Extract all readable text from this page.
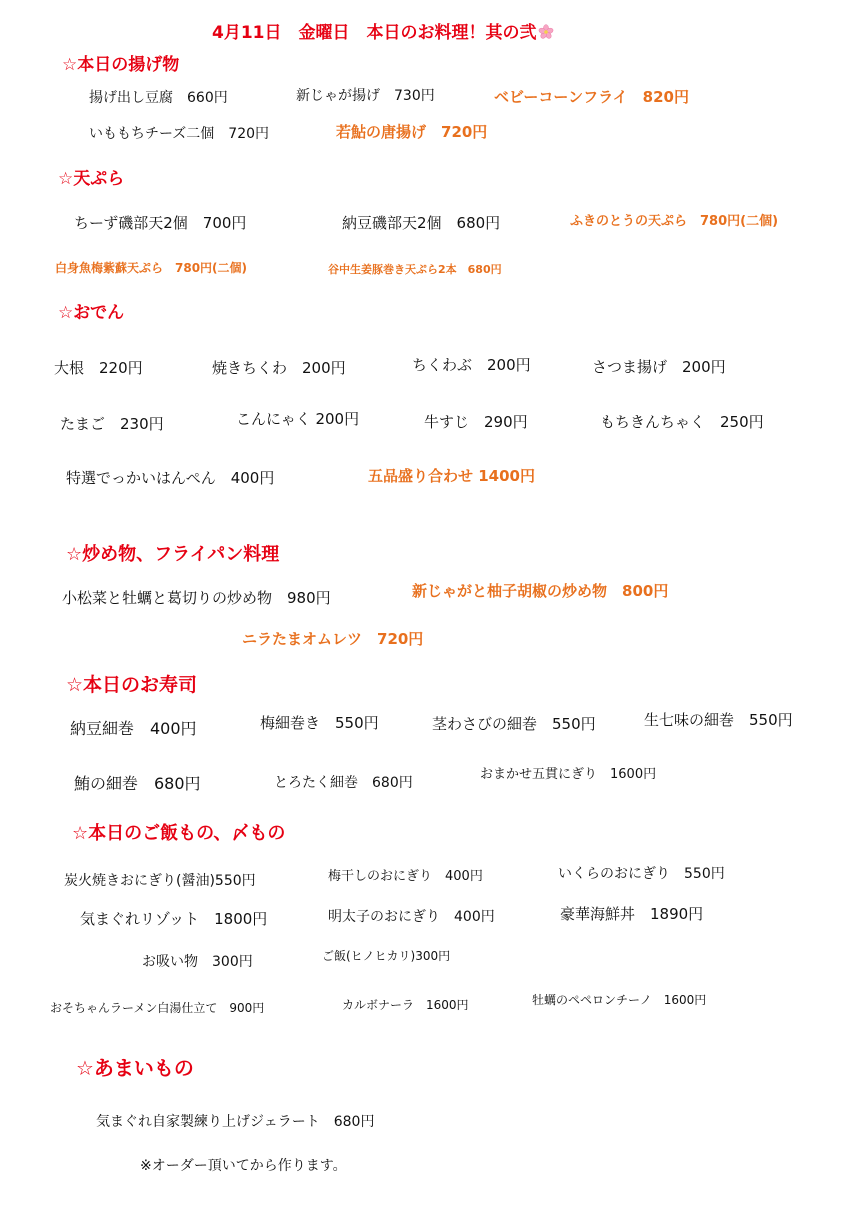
4月11日　金曜日　本日のお料理！其の弐
☆本日の揚げ物
揚げ出し豆腐　660円	新じゃが揚げ　730円	ベビーコーンフライ　820円
いももちチーズ二個　720円	若鮎の唐揚げ　720円
☆天ぷら
ちーず磯部天2個　700円	納豆磯部天2個　680円	ふきのとうの天ぷら　780円(二個)
白身魚梅紫蘇天ぷら　780円(二個)	谷中生姜豚巻き天ぷら2本　680円
☆おでん
大根　220円	焼きちくわ　200円	ちくわぶ　200円	さつま揚げ　200円
たまご　230円	こんにゃく 200円	牛すじ　290円	もちきんちゃく　250円
特選でっかいはんぺん　400円	五品盛り合わせ 1400円
☆炒め物、フライパン料理
小松菜と牡蠣と葛切りの炒め物　980円	新じゃがと柚子胡椒の炒め物　800円
ニラたまオムレツ　720円
☆本日のお寿司
納豆細巻　400円	梅細巻き　550円	茎わさびの細巻　550円	生七味の細巻　550円
鮪の細巻　680円	とろたく細巻　680円
おまかせ五貫にぎり　1600円
☆本日のご飯もの、〆もの
炭火焼きおにぎり(醤油)550円	梅干しのおにぎり　400円	いくらのおにぎり　550円
気まぐれリゾット　1800円	明太子のおにぎり　400円	豪華海鮮丼　1890円
お吸い物　300円	ご飯(ヒノヒカリ)300円
おそちゃんラーメン白湯仕立て　900円	カルボナーラ　1600円	牡蠣のペペロンチーノ　1600円
☆あまいもの
気まぐれ自家製練り上げジェラート　680円
※オーダー頂いてから作ります。
